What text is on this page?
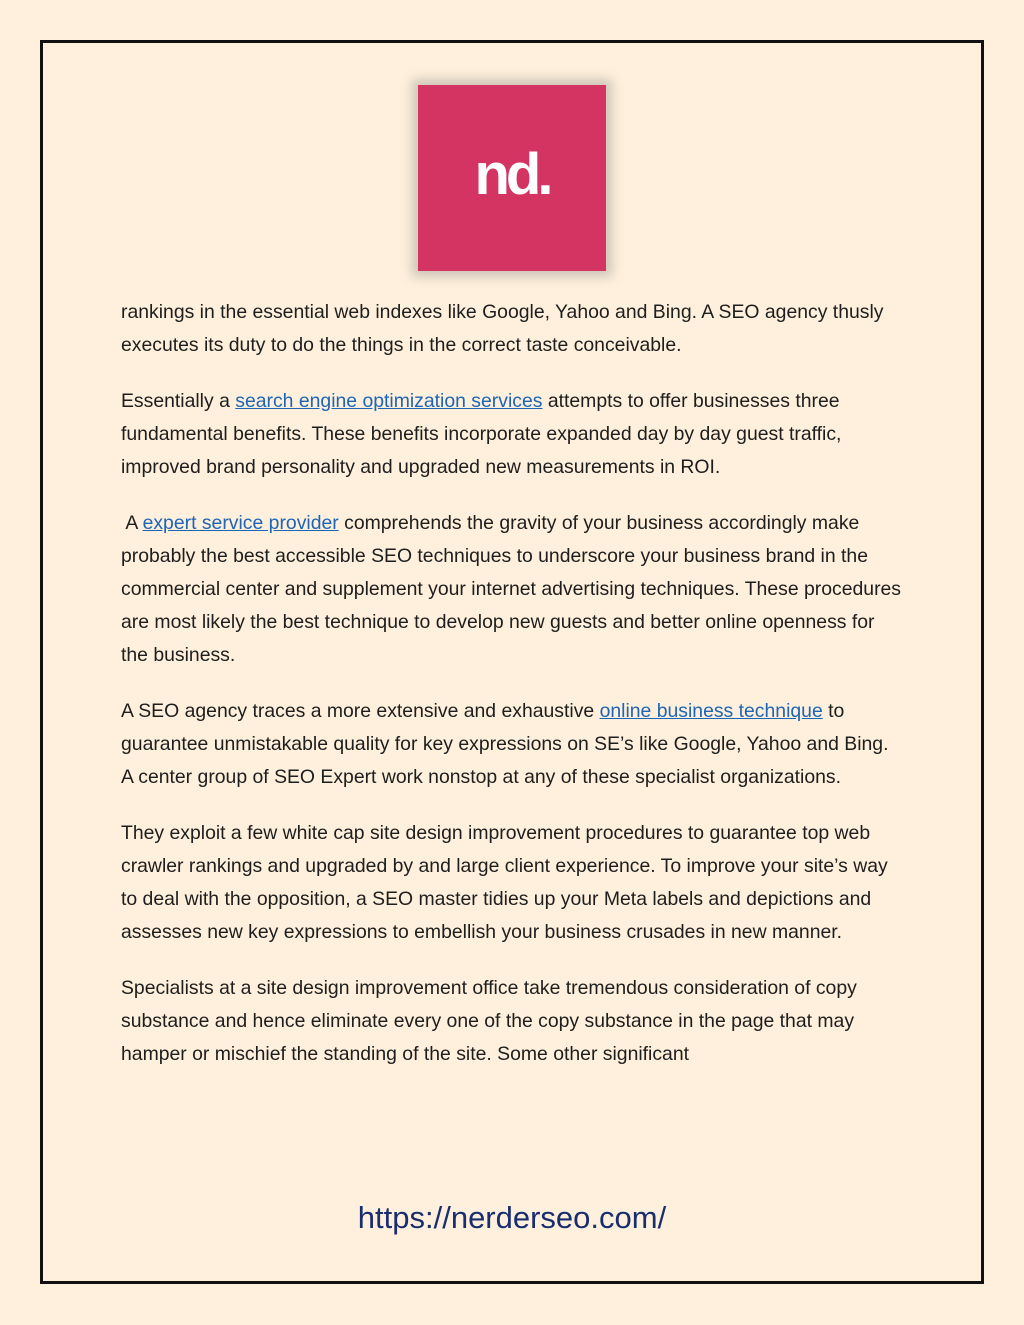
nd.

rankings in the essential web indexes like Google, Yahoo and Bing. A SEO agency thusly executes its duty to do the things in the correct taste conceivable.

Essentially a search engine optimization services attempts to offer businesses three fundamental benefits. These benefits incorporate expanded day by day guest traffic, improved brand personality and upgraded new measurements in ROI.

A expert service provider comprehends the gravity of your business accordingly make probably the best accessible SEO techniques to underscore your business brand in the commercial center and supplement your internet advertising techniques. These procedures are most likely the best technique to develop new guests and better online openness for the business.

A SEO agency traces a more extensive and exhaustive online business technique to guarantee unmistakable quality for key expressions on SE’s like Google, Yahoo and Bing. A center group of SEO Expert work nonstop at any of these specialist organizations.

They exploit a few white cap site design improvement procedures to guarantee top web crawler rankings and upgraded by and large client experience. To improve your site’s way to deal with the opposition, a SEO master tidies up your Meta labels and depictions and assesses new key expressions to embellish your business crusades in new manner.

Specialists at a site design improvement office take tremendous consideration of copy substance and hence eliminate every one of the copy substance in the page that may hamper or mischief the standing of the site. Some other significant

https://nerderseo.com/
